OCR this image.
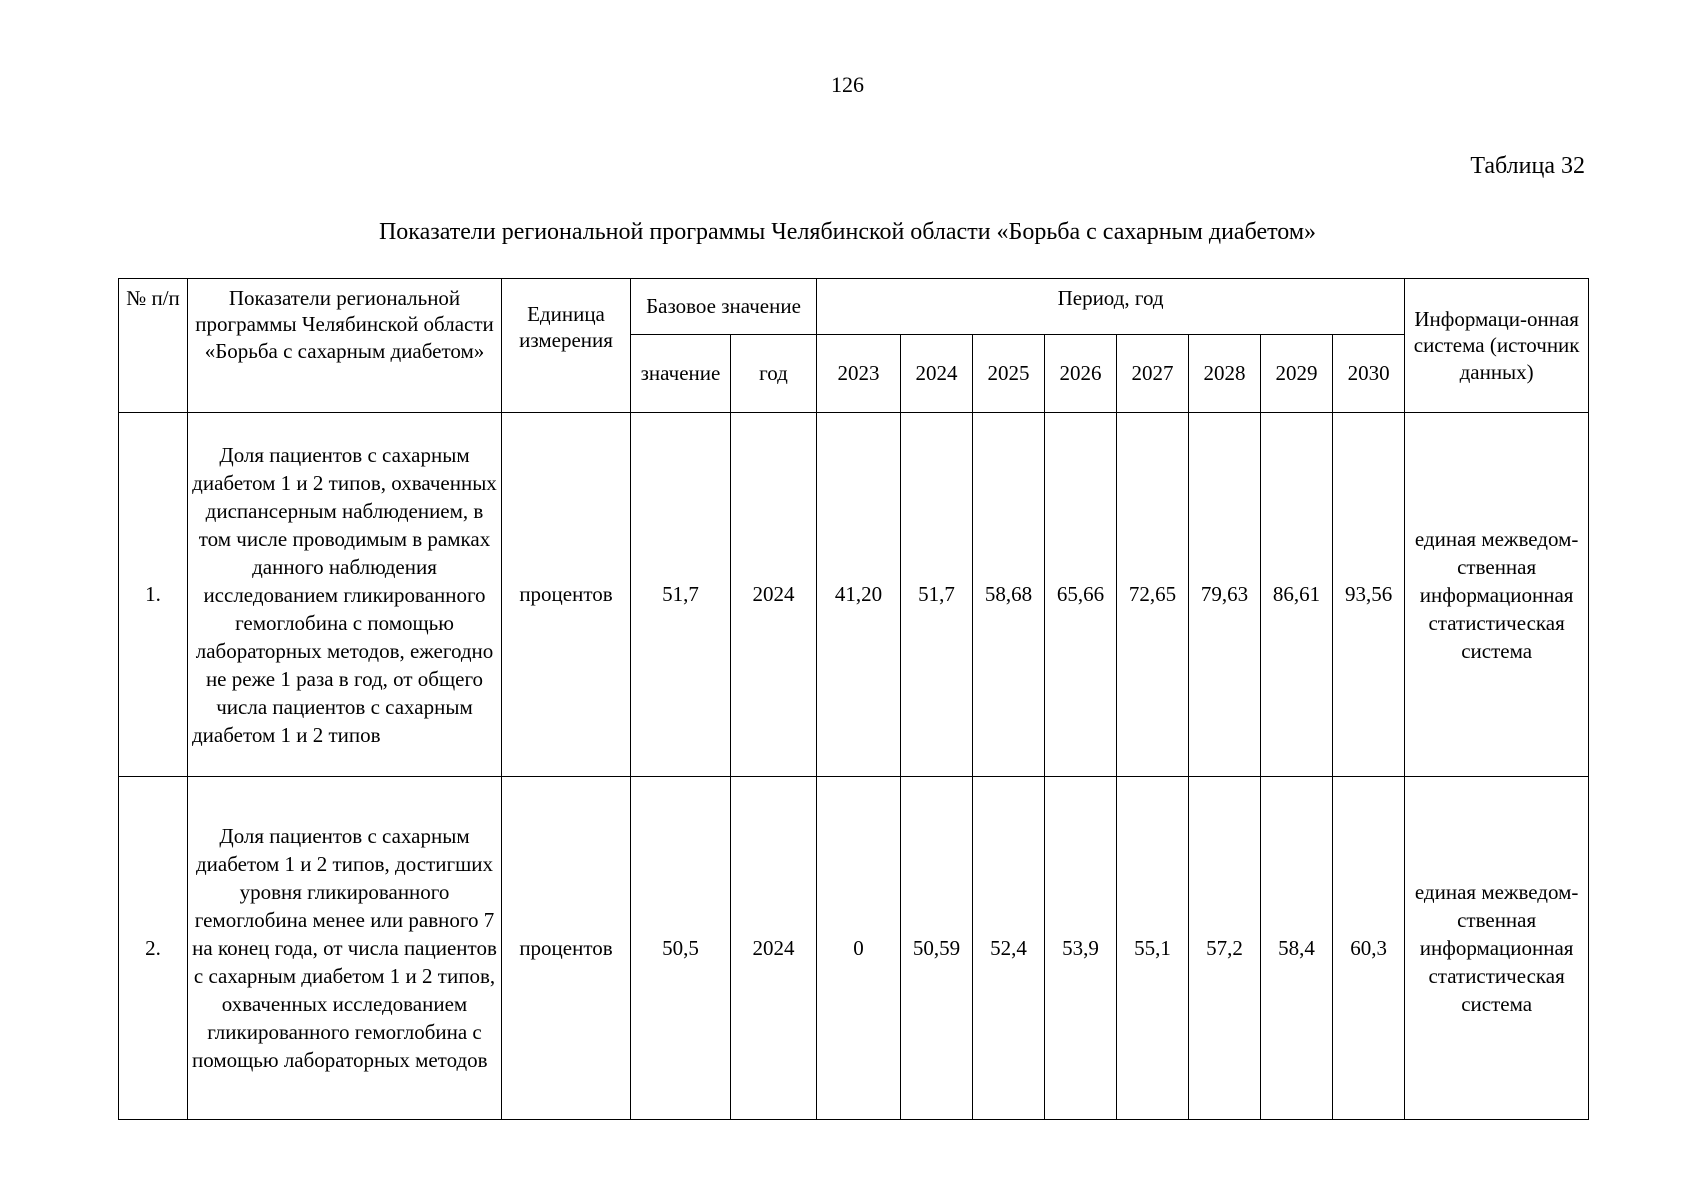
126
Таблица 32
Показатели региональной программы Челябинской области «Борьба с сахарным диабетом»
№ п/п	Показатели региональной программы Челябинской области «Борьба с сахарным диабетом»	Единица измерения	Базовое значение		Период, год								Информаци-онная система (источник данных)
			значение	год	2023	2024	2025	2026	2027	2028	2029	2030	
1.	Доля пациентов с сахарным диабетом 1 и 2 типов, охваченных диспансерным наблюдением, в том числе проводимым в рамках данного наблюдения исследованием гликированного гемоглобина с помощью лабораторных методов, ежегодно не реже 1 раза в год, от общего числа пациентов с сахарным диабетом 1 и 2 типов	процентов	51,7	2024	41,20	51,7	58,68	65,66	72,65	79,63	86,61	93,56	единая межведом-ственная информационная статистическая система
2.	Доля пациентов с сахарным диабетом 1 и 2 типов, достигших уровня гликированного гемоглобина менее или равного 7 на конец года, от числа пациентов с сахарным диабетом 1 и 2 типов, охваченных исследованием гликированного гемоглобина с помощью лабораторных методов	процентов	50,5	2024	0	50,59	52,4	53,9	55,1	57,2	58,4	60,3	единая межведом-ственная информационная статистическая система
